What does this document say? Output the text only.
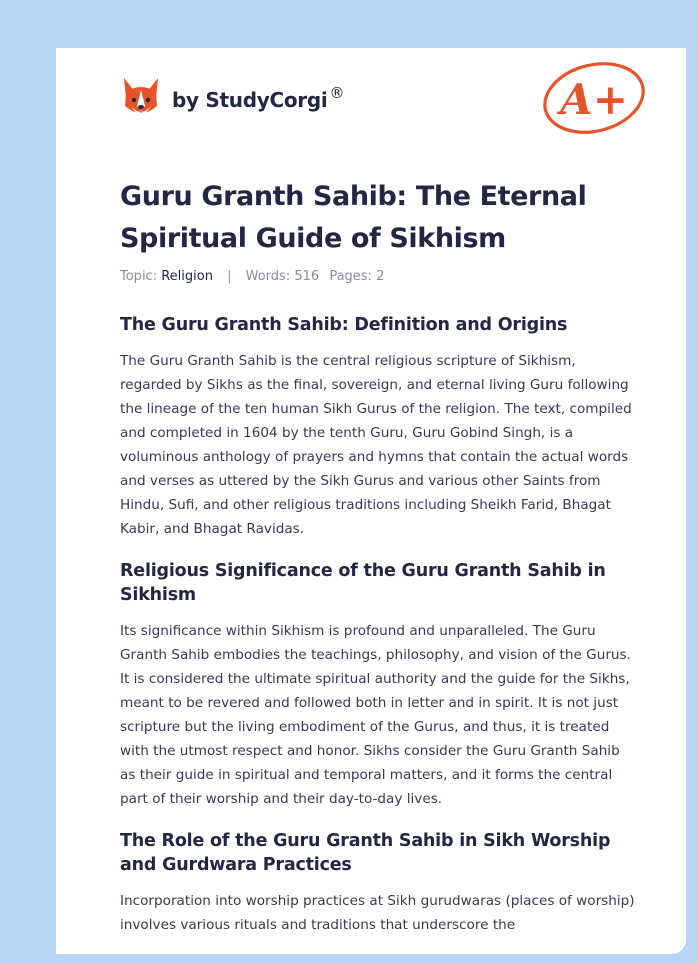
by StudyCorgi ®	A+
Guru Granth Sahib: The Eternal Spiritual Guide of Sikhism
Topic: Religion | Words: 516 Pages: 2
The Guru Granth Sahib: Definition and Origins

The Guru Granth Sahib is the central religious scripture of Sikhism, regarded by Sikhs as the final, sovereign, and eternal living Guru following the lineage of the ten human Sikh Gurus of the religion. The text, compiled and completed in 1604 by the tenth Guru, Guru Gobind Singh, is a voluminous anthology of prayers and hymns that contain the actual words and verses as uttered by the Sikh Gurus and various other Saints from Hindu, Sufi, and other religious traditions including Sheikh Farid, Bhagat Kabir, and Bhagat Ravidas.

Religious Significance of the Guru Granth Sahib in Sikhism

Its significance within Sikhism is profound and unparalleled. The Guru Granth Sahib embodies the teachings, philosophy, and vision of the Gurus. It is considered the ultimate spiritual authority and the guide for the Sikhs, meant to be revered and followed both in letter and in spirit. It is not just scripture but the living embodiment of the Gurus, and thus, it is treated with the utmost respect and honor. Sikhs consider the Guru Granth Sahib as their guide in spiritual and temporal matters, and it forms the central part of their worship and their day-to-day lives.

The Role of the Guru Granth Sahib in Sikh Worship and Gurdwara Practices

Incorporation into worship practices at Sikh gurudwaras (places of worship) involves various rituals and traditions that underscore the
